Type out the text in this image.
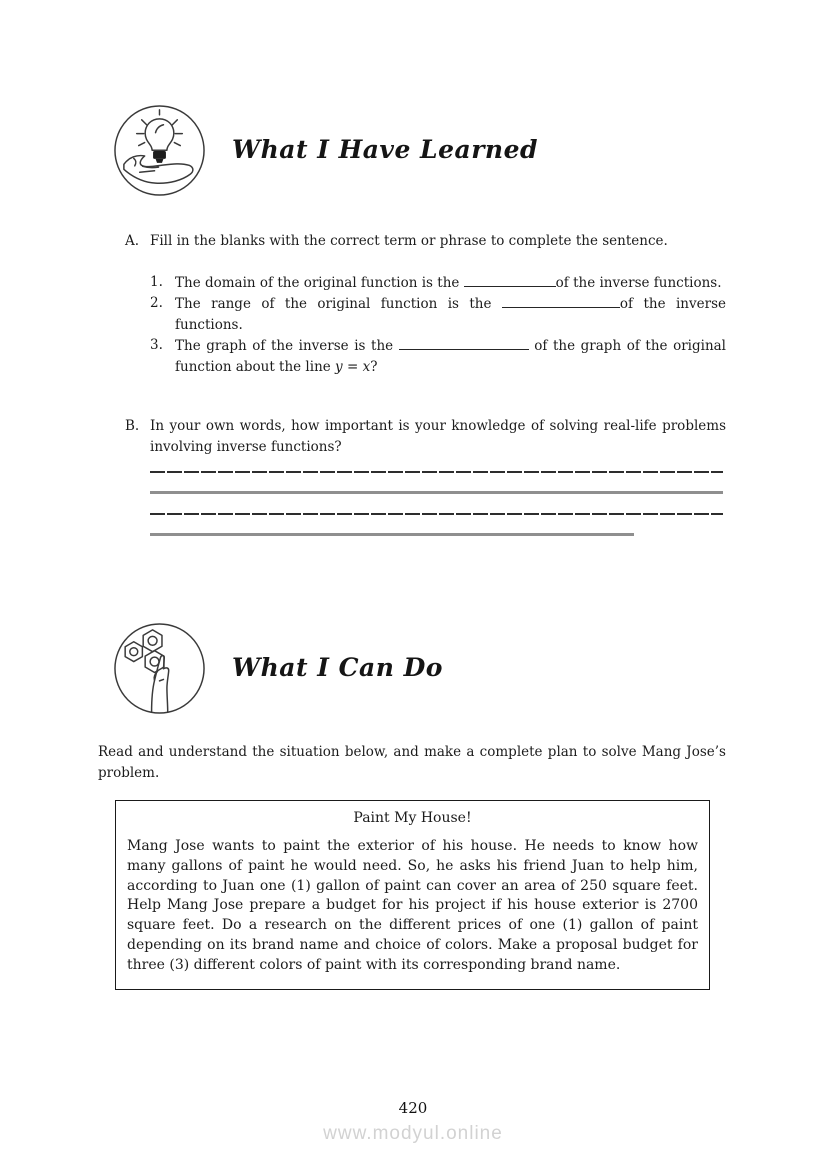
What I Have Learned
A. Fill in the blanks with the correct term or phrase to complete the sentence.
1. The domain of the original function is the	of the inverse functions.
2. The range of the original function is the	of the inverse functions.
3. The graph of the inverse is the	of the graph of the original function about the line y = x?
B. In your own words, how important is your knowledge of solving real-life problems involving inverse functions?
What I Can Do
Read and understand the situation below, and make a complete plan to solve Mang Jose’s problem.
Paint My House!
Mang Jose wants to paint the exterior of his house. He needs to know how many gallons of paint he would need. So, he asks his friend Juan to help him, according to Juan one (1) gallon of paint can cover an area of 250 square feet. Help Mang Jose prepare a budget for his project if his house exterior is 2700 square feet. Do a research on the different prices of one (1) gallon of paint depending on its brand name and choice of colors. Make a proposal budget for three (3) different colors of paint with its corresponding brand name.
420
www.modyul.online
